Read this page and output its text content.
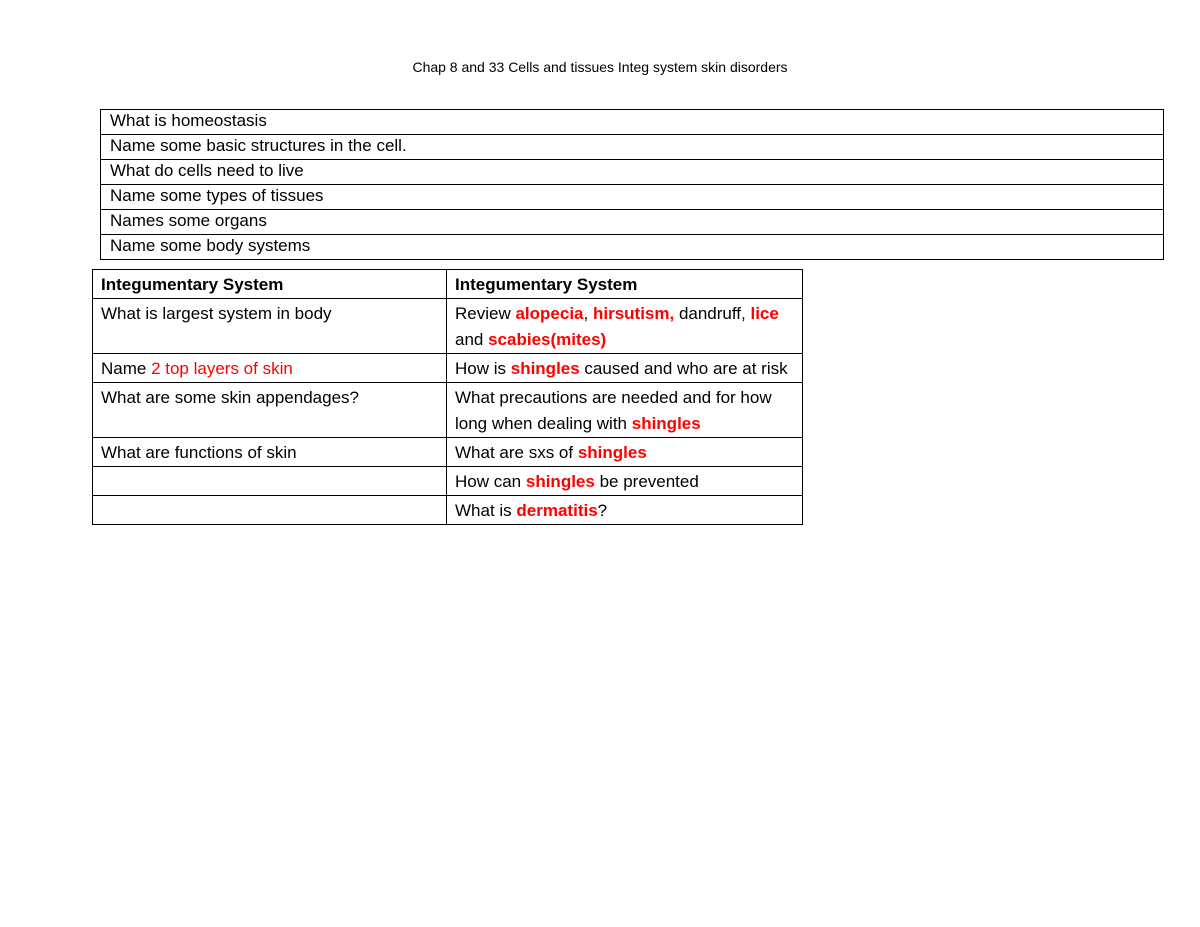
Chap 8 and 33 Cells and tissues Integ system skin disorders
What is homeostasis
Name some basic structures in the cell.
What do cells need to live
Name some types of tissues
Names some organs
Name some body systems
Integumentary System	Integumentary System
What is largest system in body	Review alopecia, hirsutism, dandruff, lice and scabies(mites)
Name 2 top layers of skin	How is shingles caused and who are at risk
What are some skin appendages?	What precautions are needed and for how long when dealing with shingles
What are functions of skin	What are sxs of shingles
	How can shingles be prevented
	What is dermatitis?
